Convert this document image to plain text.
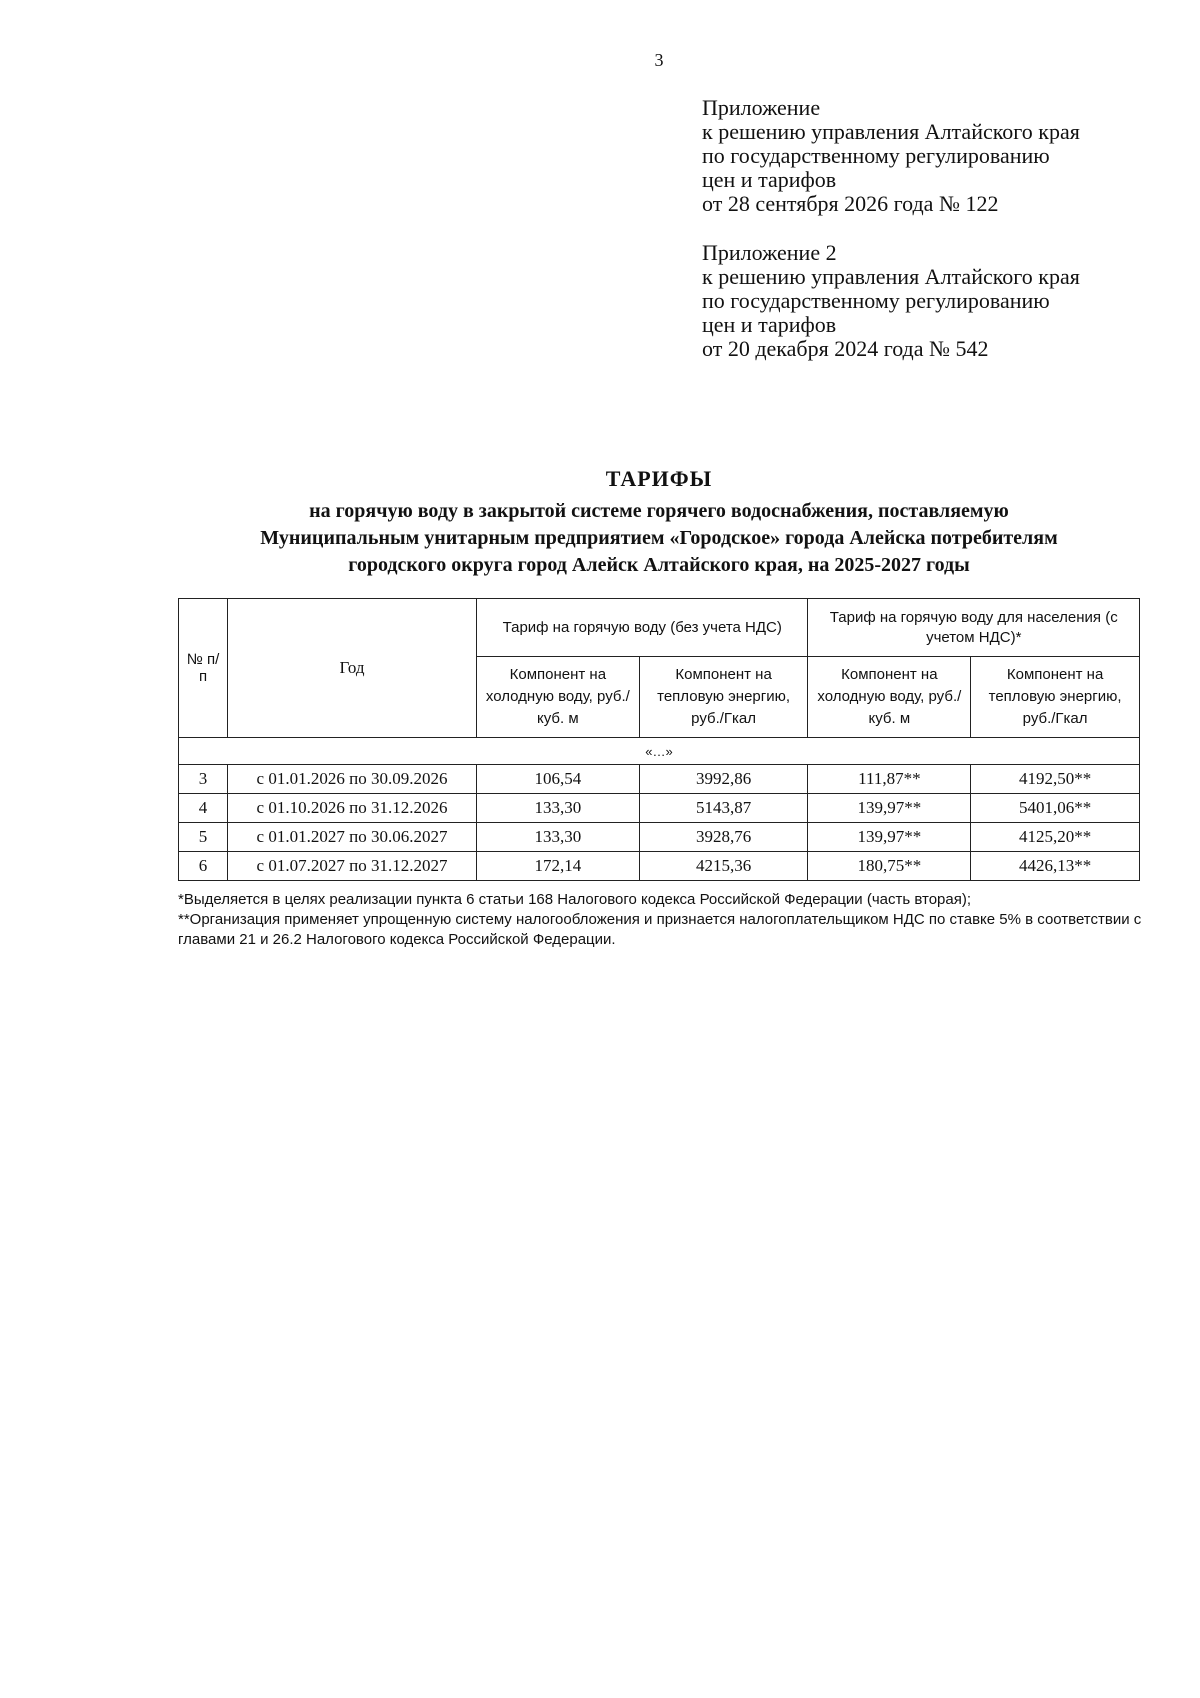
3
Приложение
к решению управления Алтайского края
по государственному регулированию
цен и тарифов
от 28 сентября 2026 года № 122
Приложение 2
к решению управления Алтайского края
по государственному регулированию
цен и тарифов
от 20 декабря 2024 года № 542
ТАРИФЫ
на горячую воду в закрытой системе горячего водоснабжения, поставляемую
Муниципальным унитарным предприятием «Городское» города Алейска потребителям
городского округа город Алейск Алтайского края, на 2025-2027 годы
№ п/п	Год	Тариф на горячую воду (без учета НДС)		Тариф на горячую воду для населения (с учетом НДС)*	
		Компонент на холодную воду, руб./куб. м	Компонент на тепловую энергию, руб./Гкал	Компонент на холодную воду, руб./куб. м	Компонент на тепловую энергию, руб./Гкал
«…»					
3	с 01.01.2026 по 30.09.2026	106,54	3992,86	111,87**	4192,50**
4	с 01.10.2026 по 31.12.2026	133,30	5143,87	139,97**	5401,06**
5	с 01.01.2027 по 30.06.2027	133,30	3928,76	139,97**	4125,20**
6	с 01.07.2027 по 31.12.2027	172,14	4215,36	180,75**	4426,13**
*Выделяется в целях реализации пункта 6 статьи 168 Налогового кодекса Российской Федерации (часть вторая);
**Организация применяет упрощенную систему налогообложения и признается налогоплательщиком НДС по ставке 5% в соответствии с главами 21 и 26.2 Налогового кодекса Российской Федерации.
